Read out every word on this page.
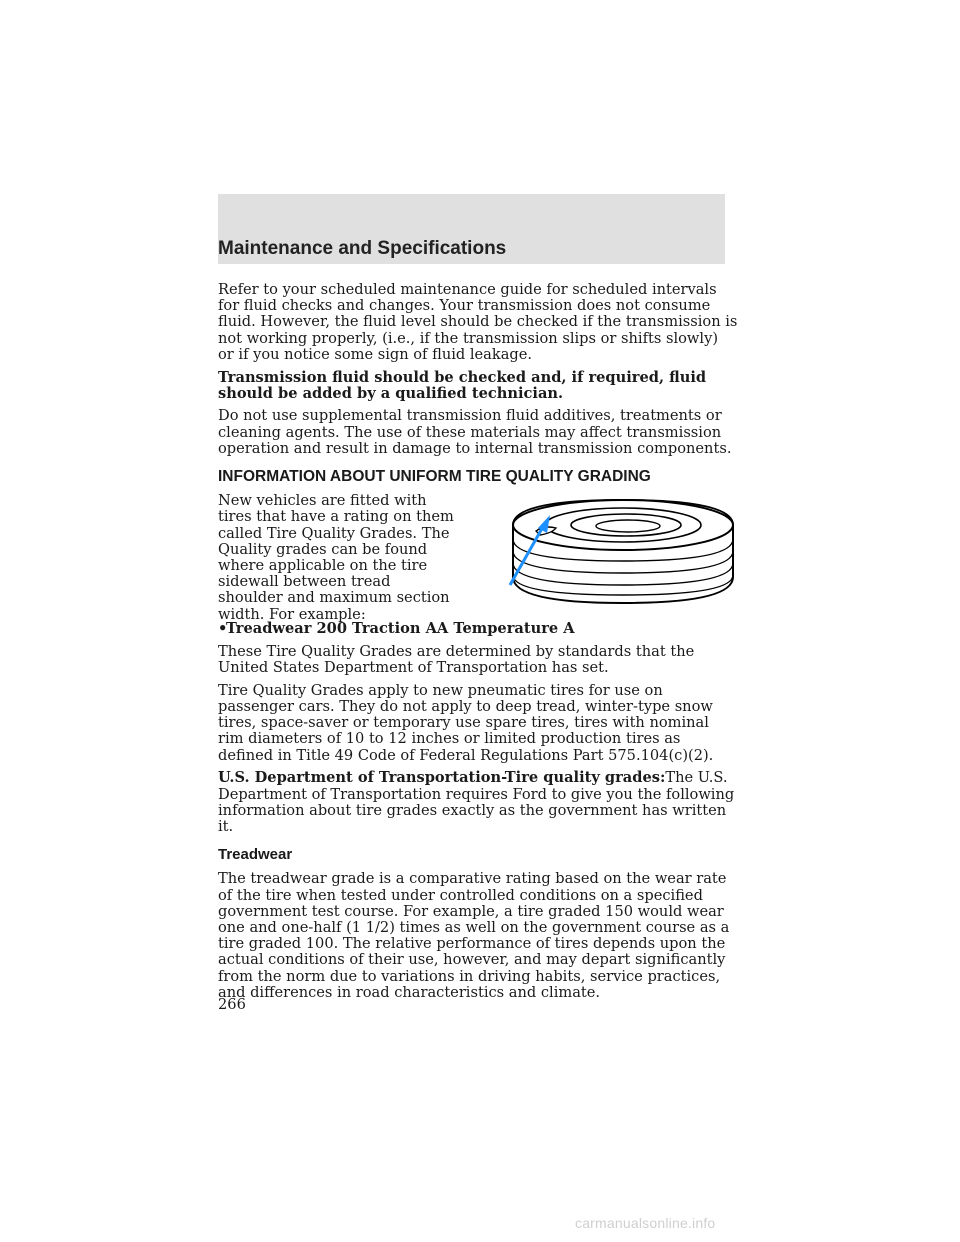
Maintenance and Specifications

Refer to your scheduled maintenance guide for scheduled intervals for fluid checks and changes. Your transmission does not consume fluid. However, the fluid level should be checked if the transmission is not working properly, (i.e., if the transmission slips or shifts slowly) or if you notice some sign of fluid leakage.

Transmission fluid should be checked and, if required, fluid should be added by a qualified technician.

Do not use supplemental transmission fluid additives, treatments or cleaning agents. The use of these materials may affect transmission operation and result in damage to internal transmission components.

INFORMATION ABOUT UNIFORM TIRE QUALITY GRADING
New vehicles are fitted with tires that have a rating on them called Tire Quality Grades. The Quality grades can be found where applicable on the tire sidewall between tread shoulder and maximum section width. For example:

•Treadwear 200 Traction AA Temperature A

These Tire Quality Grades are determined by standards that the United States Department of Transportation has set.

Tire Quality Grades apply to new pneumatic tires for use on passenger cars. They do not apply to deep tread, winter-type snow tires, space-saver or temporary use spare tires, tires with nominal rim diameters of 10 to 12 inches or limited production tires as defined in Title 49 Code of Federal Regulations Part 575.104(c)(2).

U.S. Department of Transportation-Tire quality grades:The U.S. Department of Transportation requires Ford to give you the following information about tire grades exactly as the government has written it.

Treadwear

The treadwear grade is a comparative rating based on the wear rate of the tire when tested under controlled conditions on a specified government test course. For example, a tire graded 150 would wear one and one-half (1 1/2) times as well on the government course as a tire graded 100. The relative performance of tires depends upon the actual conditions of their use, however, and may depart significantly from the norm due to variations in driving habits, service practices, and differences in road characteristics and climate.

266
carmanualsonline.info
